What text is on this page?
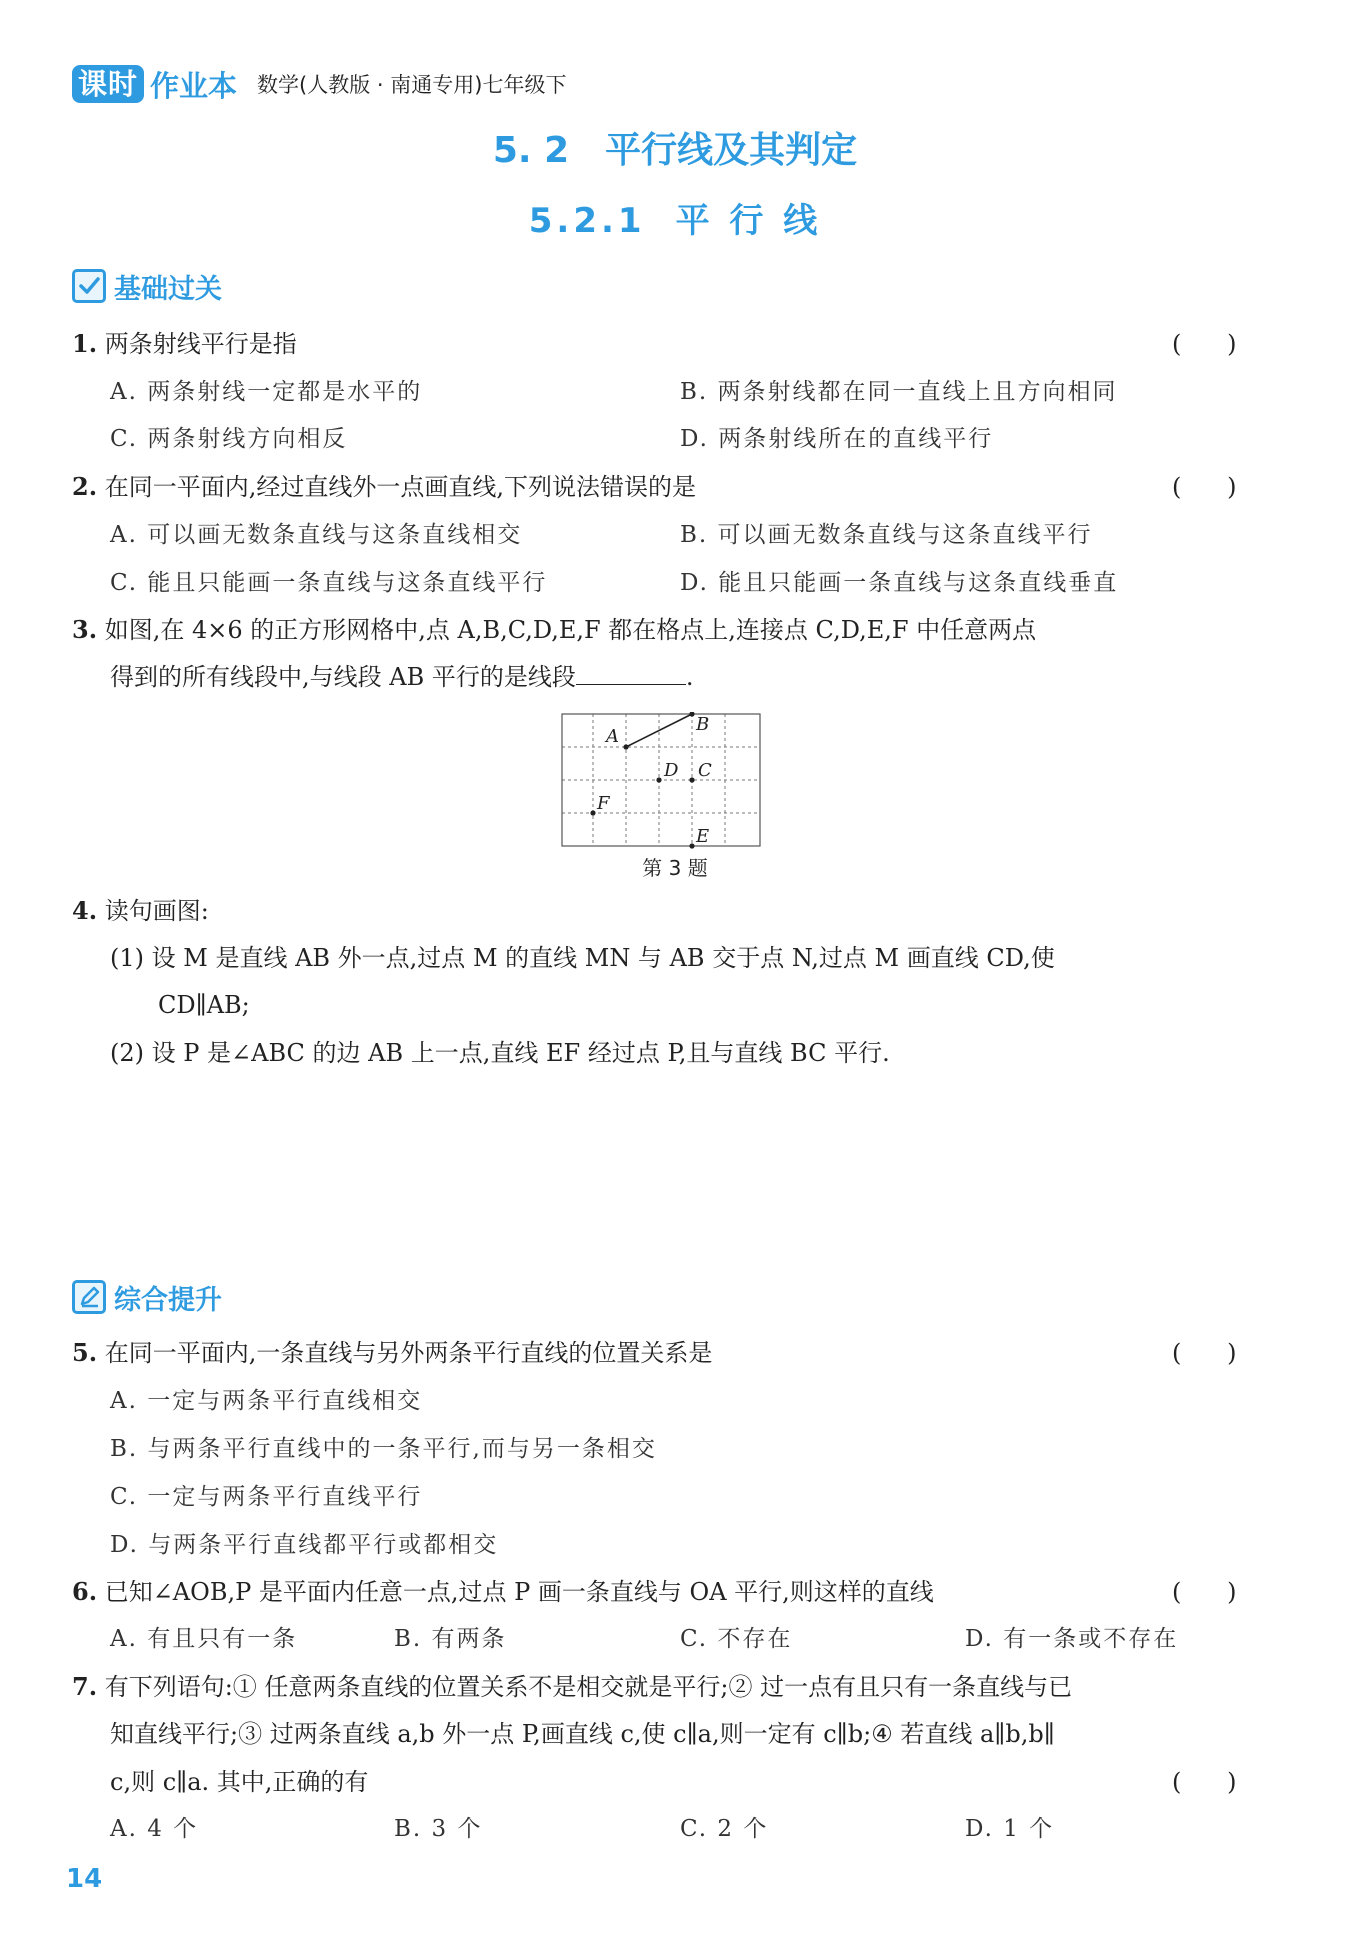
课时 作业本 数学(人教版 · 南通专用)七年级下
5. 2 平行线及其判定
5.2.1 平 行 线
基础过关
1. 两条射线平行是指	(      )
A. 两条射线一定都是水平的	B. 两条射线都在同一直线上且方向相同
C. 两条射线方向相反	D. 两条射线所在的直线平行
2. 在同一平面内,经过直线外一点画直线,下列说法错误的是	(      )
A. 可以画无数条直线与这条直线相交	B. 可以画无数条直线与这条直线平行
C. 能且只能画一条直线与这条直线平行	D. 能且只能画一条直线与这条直线垂直
3. 如图,在 4×6 的正方形网格中,点 A,B,C,D,E,F 都在格点上,连接点 C,D,E,F 中任意两点
得到的所有线段中,与线段 AB 平行的是线段	.
A
B
C
D
E
F
第 3 题
4. 读句画图:
(1) 设 M 是直线 AB 外一点,过点 M 的直线 MN 与 AB 交于点 N,过点 M 画直线 CD,使
CD∥AB;
(2) 设 P 是∠ABC 的边 AB 上一点,直线 EF 经过点 P,且与直线 BC 平行.
综合提升
5. 在同一平面内,一条直线与另外两条平行直线的位置关系是	(      )
A. 一定与两条平行直线相交
B. 与两条平行直线中的一条平行,而与另一条相交
C. 一定与两条平行直线平行
D. 与两条平行直线都平行或都相交
6. 已知∠AOB,P 是平面内任意一点,过点 P 画一条直线与 OA 平行,则这样的直线	(      )
A. 有且只有一条	B. 有两条	C. 不存在	D. 有一条或不存在
7. 有下列语句:① 任意两条直线的位置关系不是相交就是平行;② 过一点有且只有一条直线与已
知直线平行;③ 过两条直线 a,b 外一点 P,画直线 c,使 c∥a,则一定有 c∥b;④ 若直线 a∥b,b∥
c,则 c∥a. 其中,正确的有	(      )
A. 4 个	B. 3 个	C. 2 个	D. 1 个
14
